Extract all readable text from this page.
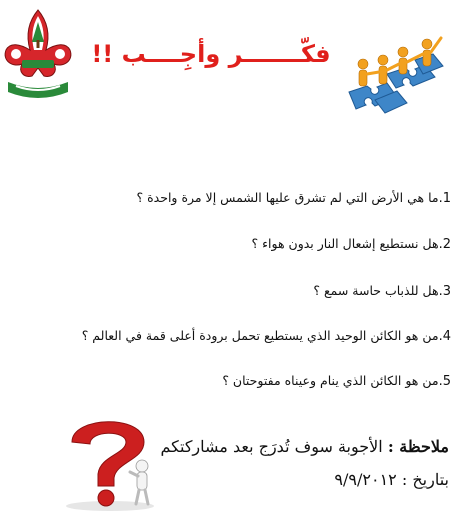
فكّـــــــر وأجِــــب !!
1.ما هي الأرض التي لم تشرق عليها الشمس إلا مرة واحدة ؟
2.هل نستطيع إشعال النار بدون هواء ؟
3.هل للذباب حاسة سمع ؟
4.من هو الكائن الوحيد الذي يستطيع تحمل برودة أعلى قمة في العالم ؟
5.من هو الكائن الذي ينام وعيناه مفتوحتان ؟
ملاحظة : الأجوبة سوف تُدرَج بعد مشاركتكم
بتاريخ : ٩/٩/٢٠١٢
